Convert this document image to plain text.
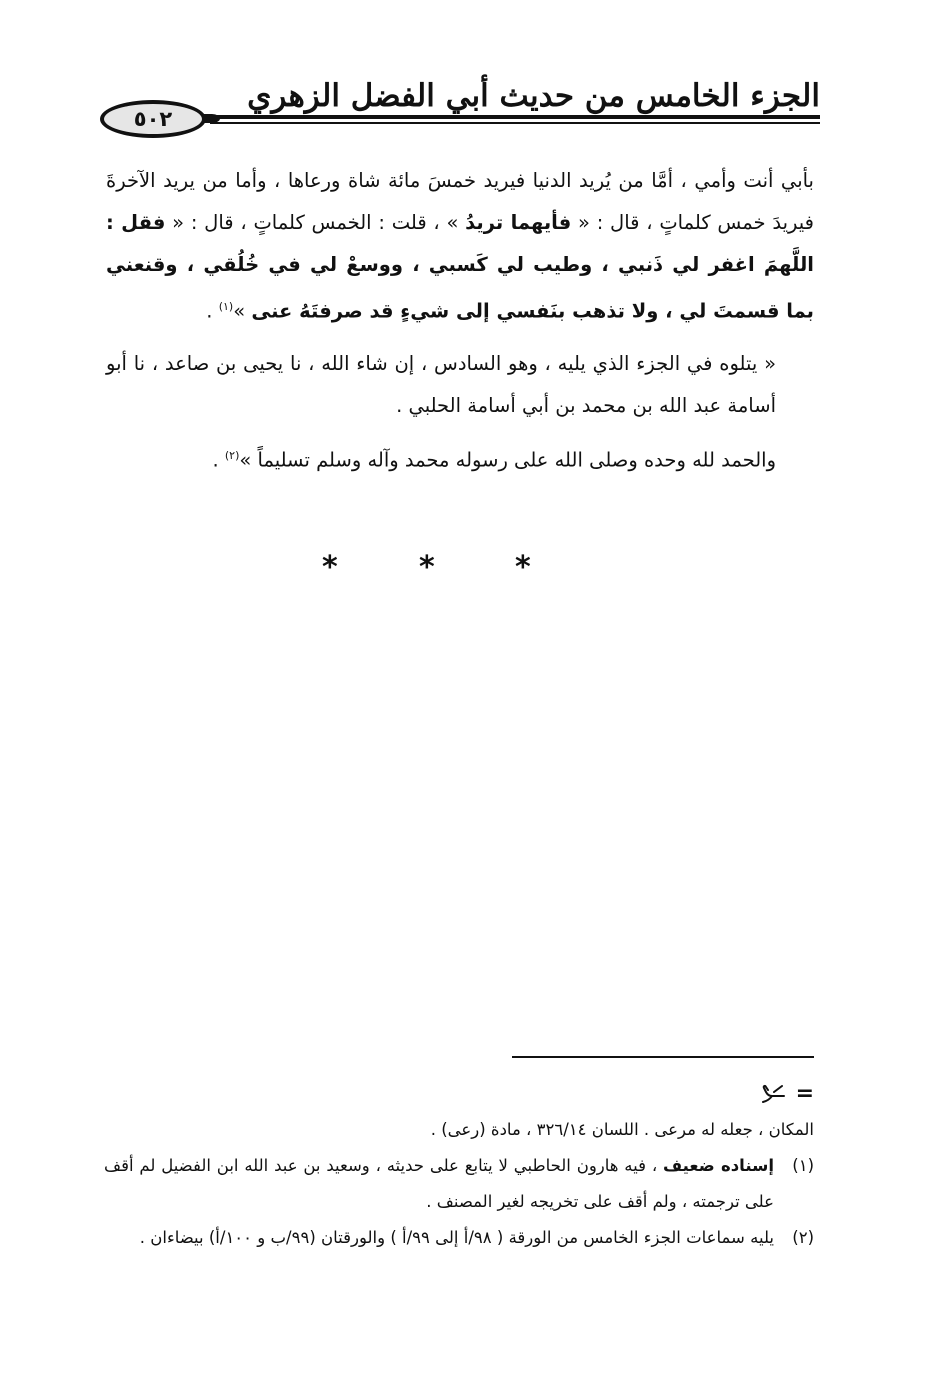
الجزء الخامس من حديث أبي الفضل الزهري
٥٠٢

بأبي أنت وأمي ، أمَّا من يُريد الدنيا فيريد خمسَ مائة شاة ورعاها ، وأما من يريد الآخرةَ فيريدَ خمس كلماتٍ ، قال : « فأيهما تريدُ » ، قلت : الخمس كلماتٍ ، قال : « فقل : اللَّهمَ اغفر لي ذَنبي ، وطيب لي كَسبي ، ووسعْ لي في خُلُقي ، وقنعني بما قسمتَ لي ، ولا تذهب بنَفسي إلى شيءٍ قد صرفتَهُ عنى »$^{(١)}$ .

« يتلوه في الجزء الذي يليه ، وهو السادس ، إن شاء الله ، نا يحيى بن صاعد ، نا أبو أسامة عبد الله بن محمد بن أبي أسامة الحلبي .

والحمد لله وحده وصلى الله على رسوله محمد وآله وسلم تسليماً »$^{(٢)}$ .

*	*	*
=
المكان ، جعله له مرعى . اللسان ٣٢٦/١٤ ، مادة (رعى) .
(١)
إسناده ضعيف ، فيه هارون الحاطبي لا يتابع على حديثه ، وسعيد بن عبد الله ابن الفضيل لم أقف على ترجمته ، ولم أقف على تخريجه لغير المصنف .
(٢)
يليه سماعات الجزء الخامس من الورقة ( ٩٨/أ إلى ٩٩/أ ) والورقتان (٩٩/ب و ١٠٠/أ) بيضاءان .
